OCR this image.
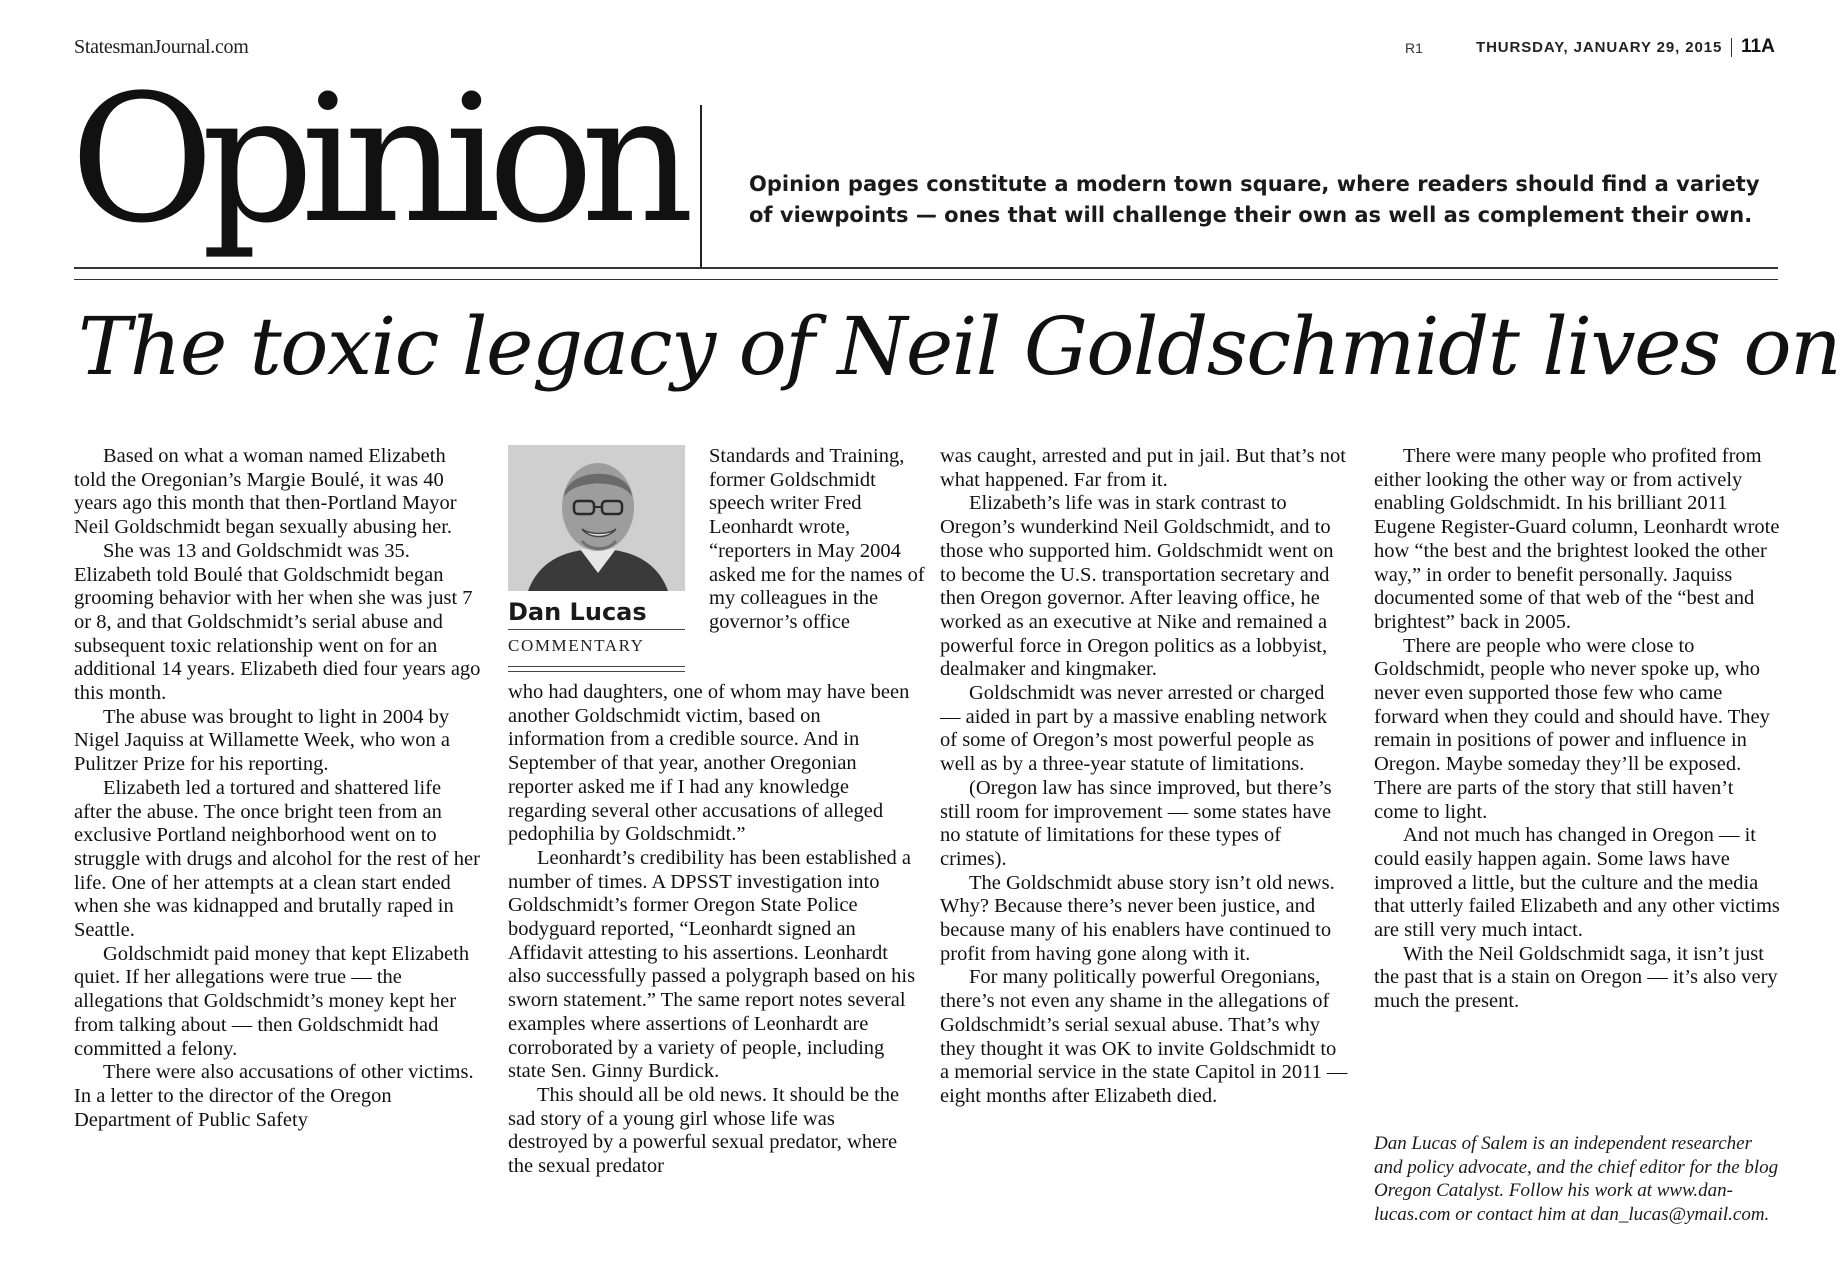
StatesmanJournal.com	R1	THURSDAY, JANUARY 29, 2015 11A
Opinion	Opinion pages constitute a modern town square, where readers should find a variety of viewpoints — ones that will challenge their own as well as complement their own.
The toxic legacy of Neil Goldschmidt lives on

Based on what a woman named Elizabeth told the Oregonian’s Margie Boulé, it was 40 years ago this month that then-Portland Mayor Neil Goldschmidt began sexually abusing her.

She was 13 and Goldschmidt was 35. Elizabeth told Boulé that Goldschmidt began grooming behavior with her when she was just 7 or 8, and that Goldschmidt’s serial abuse and subsequent toxic relationship went on for an additional 14 years. Elizabeth died four years ago this month.

The abuse was brought to light in 2004 by Nigel Jaquiss at Willamette Week, who won a Pulitzer Prize for his reporting.

Elizabeth led a tortured and shattered life after the abuse. The once bright teen from an exclusive Portland neighborhood went on to struggle with drugs and alcohol for the rest of her life. One of her attempts at a clean start ended when she was kidnapped and brutally raped in Seattle.

Goldschmidt paid money that kept Elizabeth quiet. If her allegations were true — the allegations that Goldschmidt’s money kept her from talking about — then Goldschmidt had committed a felony.

There were also accusations of other victims. In a letter to the director of the Oregon Department of Public Safety

Dan Lucas
COMMENTARY
Standards and Training, former Goldschmidt speech writer Fred Leonhardt wrote, “reporters in May 2004 asked me for the names of my colleagues in the governor’s office

who had daughters, one of whom may have been another Goldschmidt victim, based on information from a credible source. And in September of that year, another Oregonian reporter asked me if I had any knowledge regarding several other accusations of alleged pedophilia by Goldschmidt.”

Leonhardt’s credibility has been established a number of times. A DPSST investigation into Goldschmidt’s former Oregon State Police bodyguard reported, “Leonhardt signed an Affidavit attesting to his assertions. Leonhardt also successfully passed a polygraph based on his sworn statement.” The same report notes several examples where assertions of Leonhardt are corroborated by a variety of people, including state Sen. Ginny Burdick.

This should all be old news. It should be the sad story of a young girl whose life was destroyed by a powerful sexual predator, where the sexual predator

was caught, arrested and put in jail. But that’s not what happened. Far from it.

Elizabeth’s life was in stark contrast to Oregon’s wunderkind Neil Goldschmidt, and to those who supported him. Goldschmidt went on to become the U.S. transportation secretary and then Oregon governor. After leaving office, he worked as an executive at Nike and remained a powerful force in Oregon politics as a lobbyist, dealmaker and kingmaker.

Goldschmidt was never arrested or charged — aided in part by a massive enabling network of some of Oregon’s most powerful people as well as by a three-year statute of limitations.

(Oregon law has since improved, but there’s still room for improvement — some states have no statute of limitations for these types of crimes).

The Goldschmidt abuse story isn’t old news. Why? Because there’s never been justice, and because many of his enablers have continued to profit from having gone along with it.

For many politically powerful Oregonians, there’s not even any shame in the allegations of Goldschmidt’s serial sexual abuse. That’s why they thought it was OK to invite Goldschmidt to a memorial service in the state Capitol in 2011 — eight months after Elizabeth died.

There were many people who profited from either looking the other way or from actively enabling Goldschmidt. In his brilliant 2011 Eugene Register-Guard column, Leonhardt wrote how “the best and the brightest looked the other way,” in order to benefit personally. Jaquiss documented some of that web of the “best and brightest” back in 2005.

There are people who were close to Goldschmidt, people who never spoke up, who never even supported those few who came forward when they could and should have. They remain in positions of power and influence in Oregon. Maybe someday they’ll be exposed. There are parts of the story that still haven’t come to light.

And not much has changed in Oregon — it could easily happen again. Some laws have improved a little, but the culture and the media that utterly failed Elizabeth and any other victims are still very much intact.

With the Neil Goldschmidt saga, it isn’t just the past that is a stain on Oregon — it’s also very much the present.

Dan Lucas of Salem is an independent researcher and policy advocate, and the chief editor for the blog Oregon Catalyst. Follow his work at www.dan-lucas.com or contact him at dan_lucas@ymail.com.
